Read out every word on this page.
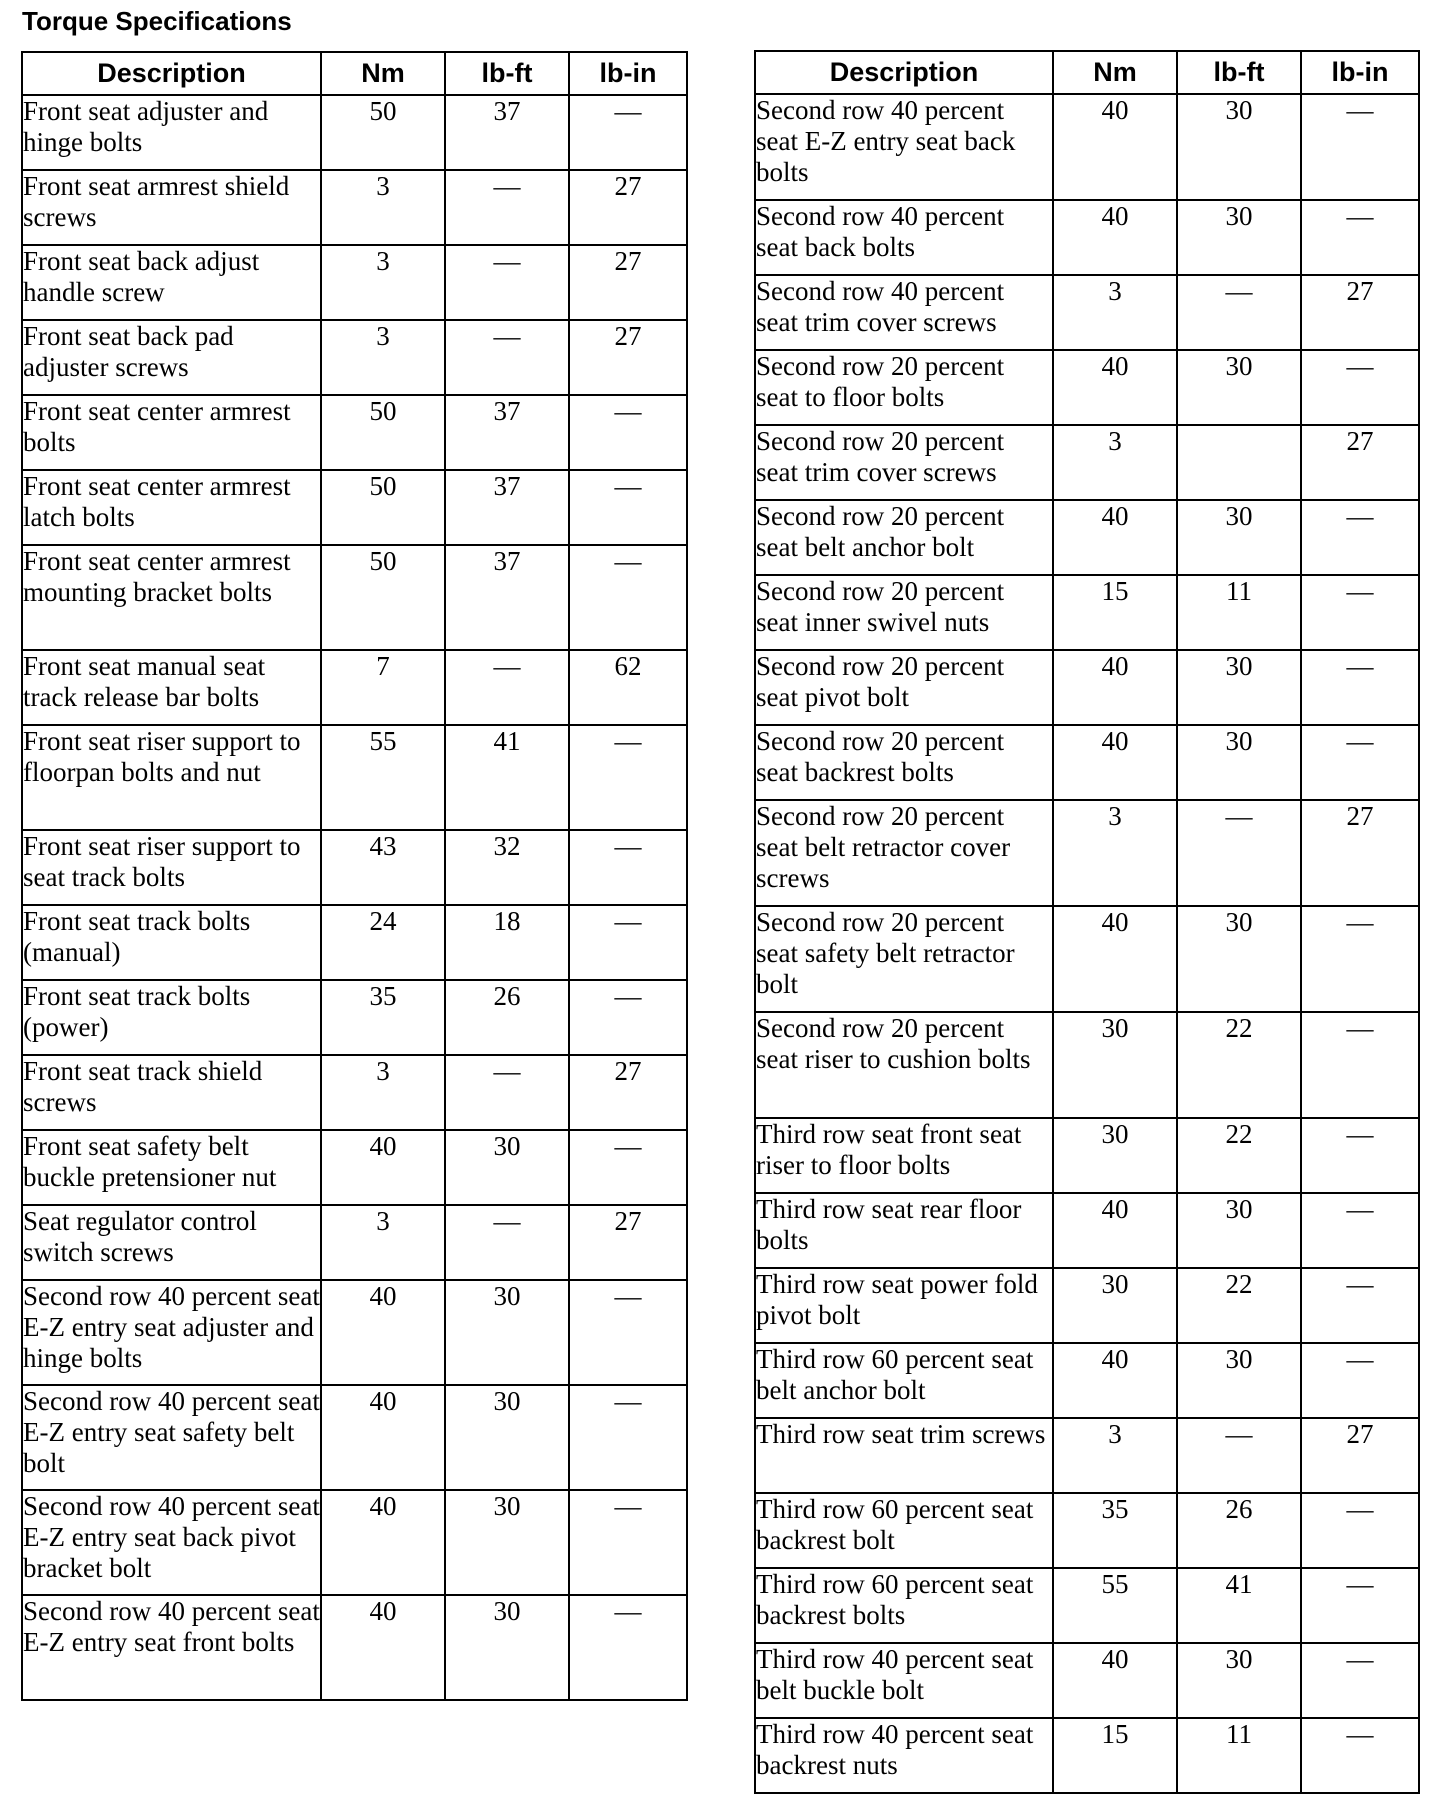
Torque Specifications
Description	Nm	lb-ft	lb-in
Front seat adjuster and hinge bolts	50	37	—
Front seat armrest shield screws	3	—	27
Front seat back adjust handle screw	3	—	27
Front seat back pad adjuster screws	3	—	27
Front seat center armrest bolts	50	37	—
Front seat center armrest latch bolts	50	37	—
Front seat center armrest mounting bracket bolts	50	37	—
Front seat manual seat track release bar bolts	7	—	62
Front seat riser support to floorpan bolts and nut	55	41	—
Front seat riser support to seat track bolts	43	32	—
Front seat track bolts (manual)	24	18	—
Front seat track bolts (power)	35	26	—
Front seat track shield screws	3	—	27
Front seat safety belt buckle pretensioner nut	40	30	—
Seat regulator control switch screws	3	—	27
Second row 40 percent seat E-Z entry seat adjuster and hinge bolts	40	30	—
Second row 40 percent seat E-Z entry seat safety belt bolt	40	30	—
Second row 40 percent seat E-Z entry seat back pivot bracket bolt	40	30	—
Second row 40 percent seat E-Z entry seat front bolts	40	30	—
Description	Nm	lb-ft	lb-in
Second row 40 percent seat E-Z entry seat back bolts	40	30	—
Second row 40 percent seat back bolts	40	30	—
Second row 40 percent seat trim cover screws	3	—	27
Second row 20 percent seat to floor bolts	40	30	—
Second row 20 percent seat trim cover screws	3		27
Second row 20 percent seat belt anchor bolt	40	30	—
Second row 20 percent seat inner swivel nuts	15	11	—
Second row 20 percent seat pivot bolt	40	30	—
Second row 20 percent seat backrest bolts	40	30	—
Second row 20 percent seat belt retractor cover screws	3	—	27
Second row 20 percent seat safety belt retractor bolt	40	30	—
Second row 20 percent seat riser to cushion bolts	30	22	—
Third row seat front seat riser to floor bolts	30	22	—
Third row seat rear floor bolts	40	30	—
Third row seat power fold pivot bolt	30	22	—
Third row 60 percent seat belt anchor bolt	40	30	—
Third row seat trim screws	3	—	27
Third row 60 percent seat backrest bolt	35	26	—
Third row 60 percent seat backrest bolts	55	41	—
Third row 40 percent seat belt buckle bolt	40	30	—
Third row 40 percent seat backrest nuts	15	11	—
